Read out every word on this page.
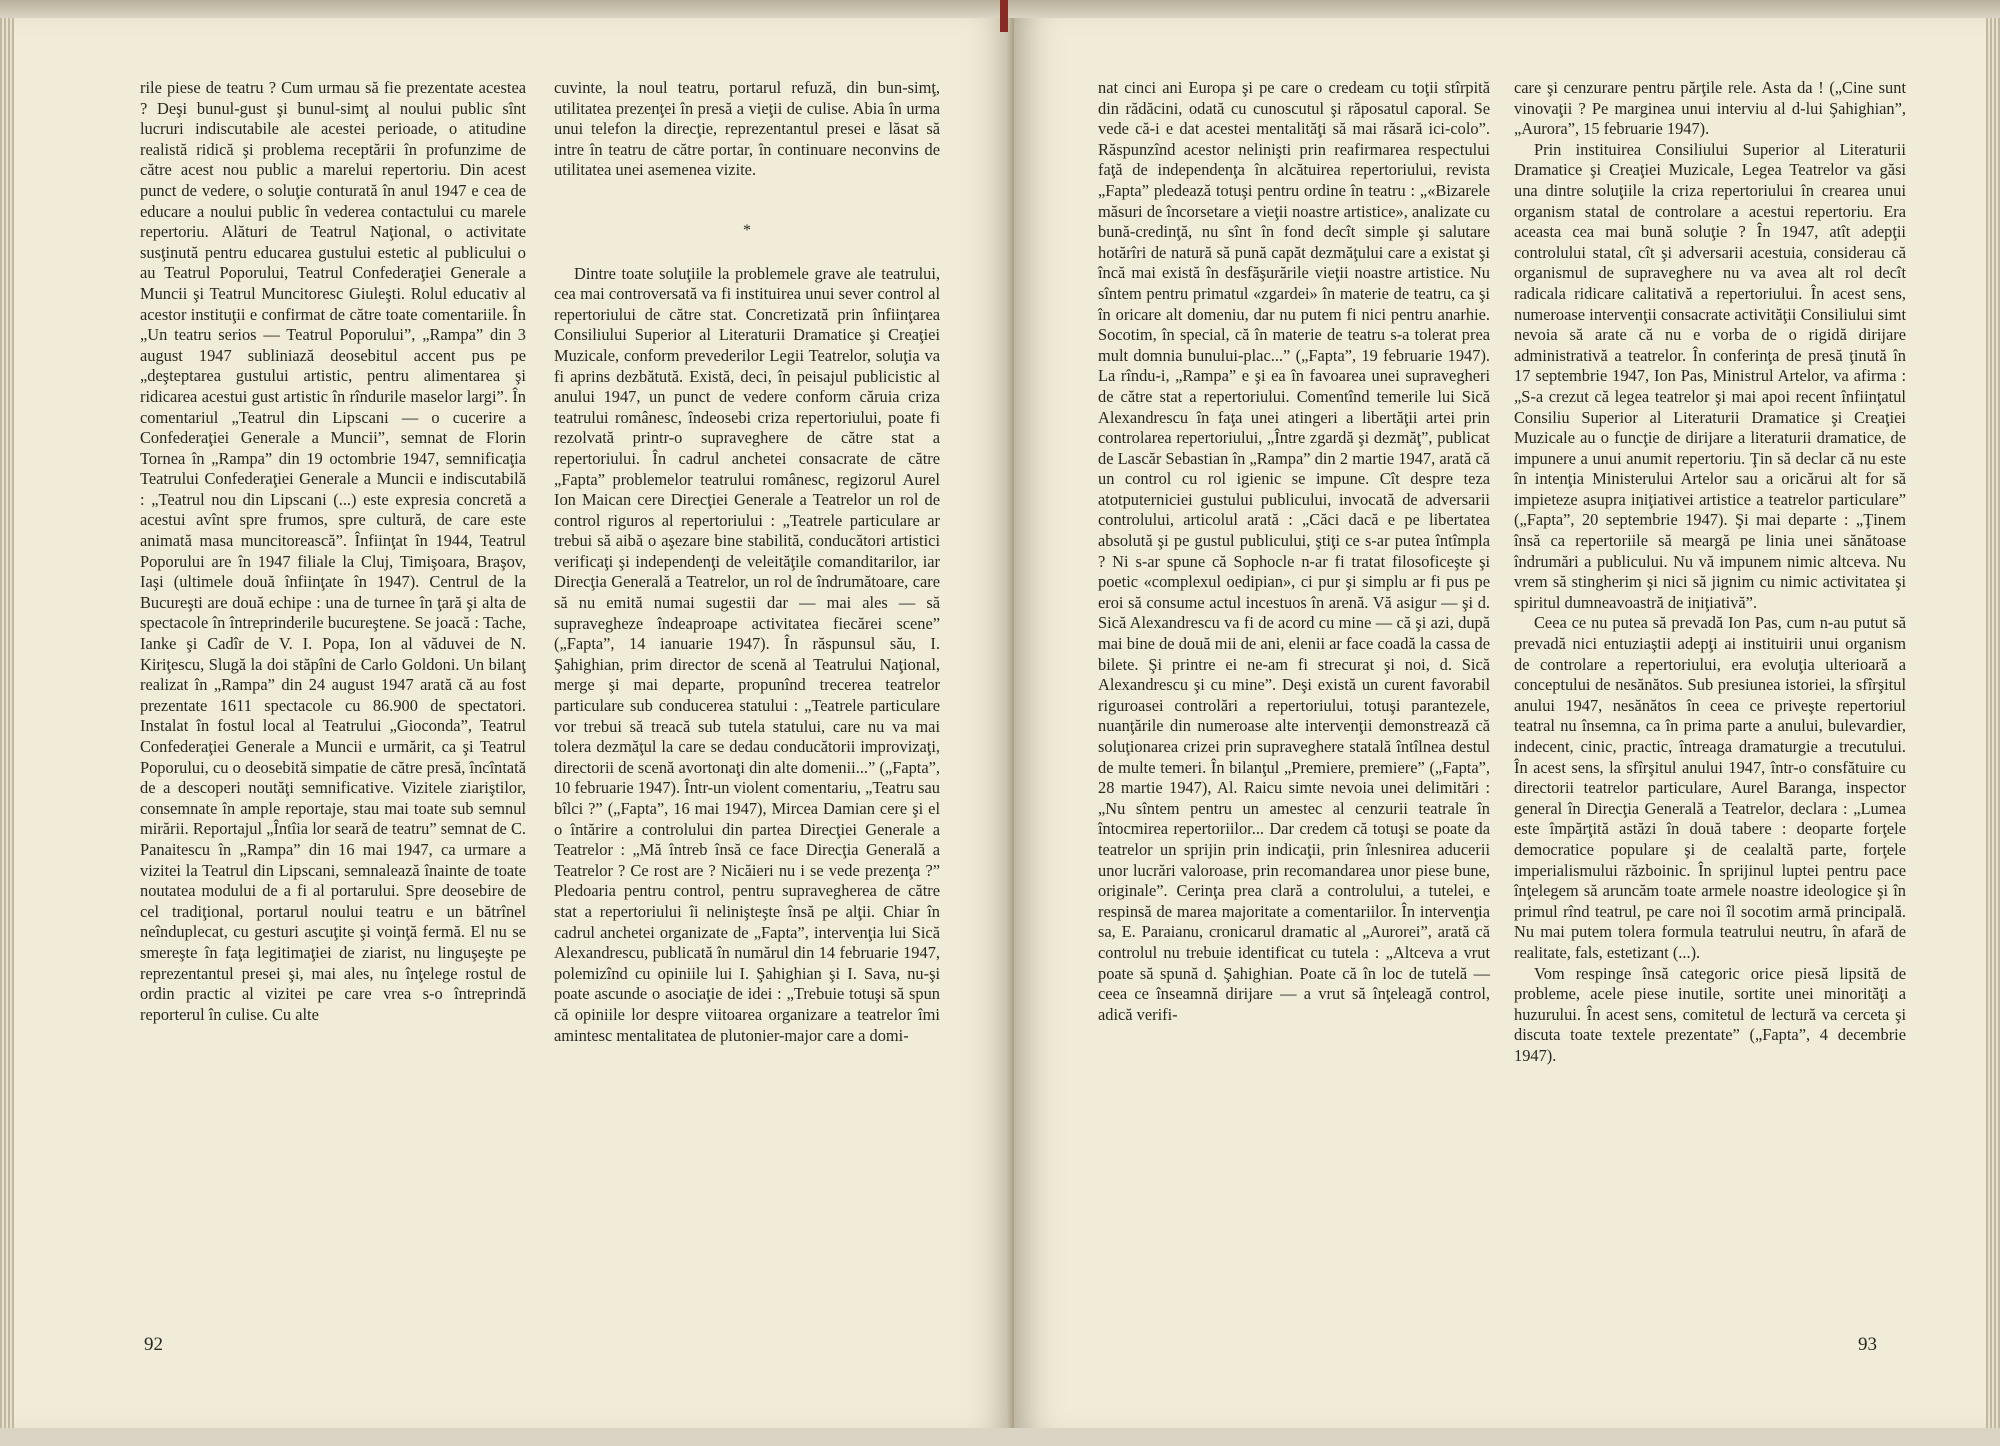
rile piese de teatru ? Cum urmau să fie prezentate acestea ? Deşi bunul-gust şi bunul-simţ al noului public sînt lucruri indiscutabile ale acestei perioade, o atitudine realistă ridică şi problema receptării în profunzime de către acest nou public a marelui repertoriu. Din acest punct de vedere, o soluţie conturată în anul 1947 e cea de educare a noului public în vederea contactului cu marele repertoriu. Alături de Teatrul Naţional, o activitate susţinută pentru educarea gustului estetic al publicului o au Teatrul Poporului, Teatrul Confederaţiei Generale a Muncii şi Teatrul Muncitoresc Giuleşti. Rolul educativ al acestor instituţii e confirmat de către toate comentariile. În „Un teatru serios — Teatrul Poporului”, „Rampa” din 3 august 1947 subliniază deosebitul accent pus pe „deşteptarea gustului artistic, pentru alimentarea şi ridicarea acestui gust artistic în rîndurile maselor largi”. În comentariul „Teatrul din Lipscani — o cucerire a Confederaţiei Generale a Muncii”, semnat de Florin Tornea în „Rampa” din 19 octombrie 1947, semnificaţia Teatrului Confederaţiei Generale a Muncii e indiscutabilă : „Teatrul nou din Lipscani (...) este expresia concretă a acestui avînt spre frumos, spre cultură, de care este animată masa muncitorească”. Înfiinţat în 1944, Teatrul Poporului are în 1947 filiale la Cluj, Timişoara, Braşov, Iaşi (ultimele două înfiinţate în 1947). Centrul de la Bucureşti are două echipe : una de turnee în ţară şi alta de spectacole în întreprinderile bucureştene. Se joacă : Tache, Ianke şi Cadîr de V. I. Popa, Ion al văduvei de N. Kiriţescu, Slugă la doi stăpîni de Carlo Goldoni. Un bilanţ realizat în „Rampa” din 24 august 1947 arată că au fost prezentate 1611 spectacole cu 86.900 de spectatori. Instalat în fostul local al Teatrului „Gioconda”, Teatrul Confederaţiei Generale a Muncii e urmărit, ca şi Teatrul Poporului, cu o deosebită simpatie de către presă, încîntată de a descoperi noutăţi semnificative. Vizitele ziariştilor, consemnate în ample reportaje, stau mai toate sub semnul mirării. Reportajul „Întîia lor seară de teatru” semnat de C. Panaitescu în „Rampa” din 16 mai 1947, ca urmare a vizitei la Teatrul din Lipscani, semnalează înainte de toate noutatea modului de a fi al portarului. Spre deosebire de cel tradiţional, portarul noului teatru e un bătrînel neînduplecat, cu gesturi ascuţite şi voinţă fermă. El nu se smereşte în faţa legitimaţiei de ziarist, nu linguşeşte pe reprezentantul presei şi, mai ales, nu înţelege rostul de ordin practic al vizitei pe care vrea s-o întreprindă reporterul în culise. Cu alte

cuvinte, la noul teatru, portarul refuză, din bun-simţ, utilitatea prezenţei în presă a vieţii de culise. Abia în urma unui telefon la direcţie, reprezentantul presei e lăsat să intre în teatru de către portar, în continuare neconvins de utilitatea unei asemenea vizite.

*

Dintre toate soluţiile la problemele grave ale teatrului, cea mai controversată va fi instituirea unui sever control al repertoriului de către stat. Concretizată prin înfiinţarea Consiliului Superior al Literaturii Dramatice şi Creaţiei Muzicale, conform prevederilor Legii Teatrelor, soluţia va fi aprins dezbătută. Există, deci, în peisajul publicistic al anului 1947, un punct de vedere conform căruia criza teatrului românesc, îndeosebi criza repertoriului, poate fi rezolvată printr-o supraveghere de către stat a repertoriului. În cadrul anchetei consacrate de către „Fapta” problemelor teatrului românesc, regizorul Aurel Ion Maican cere Direcţiei Generale a Teatrelor un rol de control riguros al repertoriului : „Teatrele particulare ar trebui să aibă o aşezare bine stabilită, conducători artistici verificaţi şi independenţi de veleităţile comanditarilor, iar Direcţia Generală a Teatrelor, un rol de îndrumătoare, care să nu emită numai sugestii dar — mai ales — să supravegheze îndeaproape activitatea fiecărei scene” („Fapta”, 14 ianuarie 1947). În răspunsul său, I. Şahighian, prim director de scenă al Teatrului Naţional, merge şi mai departe, propunînd trecerea teatrelor particulare sub conducerea statului : „Teatrele particulare vor trebui să treacă sub tutela statului, care nu va mai tolera dezmăţul la care se dedau conducătorii improvizaţi, directorii de scenă avortonaţi din alte domenii...” („Fapta”, 10 februarie 1947). Într-un violent comentariu, „Teatru sau bîlci ?” („Fapta”, 16 mai 1947), Mircea Damian cere şi el o întărire a controlului din partea Direcţiei Generale a Teatrelor : „Mă întreb însă ce face Direcţia Generală a Teatrelor ? Ce rost are ? Nicăieri nu i se vede prezenţa ?” Pledoaria pentru control, pentru supravegherea de către stat a repertoriului îi nelinişteşte însă pe alţii. Chiar în cadrul anchetei organizate de „Fapta”, intervenţia lui Sică Alexandrescu, publicată în numărul din 14 februarie 1947, polemizînd cu opiniile lui I. Şahighian şi I. Sava, nu-şi poate ascunde o asociaţie de idei : „Trebuie totuşi să spun că opiniile lor despre viitoarea organizare a teatrelor îmi amintesc mentalitatea de plutonier-major care a domi-

92

nat cinci ani Europa şi pe care o credeam cu toţii stîrpită din rădăcini, odată cu cunoscutul şi răposatul caporal. Se vede că-i e dat acestei mentalităţi să mai răsară ici-colo”. Răspunzînd acestor nelinişti prin reafirmarea respectului faţă de independenţa în alcătuirea repertoriului, revista „Fapta” pledează totuşi pentru ordine în teatru : „«Bizarele măsuri de încorsetare a vieţii noastre artistice», analizate cu bună-credinţă, nu sînt în fond decît simple şi salutare hotărîri de natură să pună capăt dezmăţului care a existat şi încă mai există în desfăşurările vieţii noastre artistice. Nu sîntem pentru primatul «zgardei» în materie de teatru, ca şi în oricare alt domeniu, dar nu putem fi nici pentru anarhie. Socotim, în special, că în materie de teatru s-a tolerat prea mult domnia bunului-plac...” („Fapta”, 19 februarie 1947). La rîndu-i, „Rampa” e şi ea în favoarea unei supravegheri de către stat a repertoriului. Comentînd temerile lui Sică Alexandrescu în faţa unei atingeri a libertăţii artei prin controlarea repertoriului, „Între zgardă şi dezmăţ”, publicat de Lascăr Sebastian în „Rampa” din 2 martie 1947, arată că un control cu rol igienic se impune. Cît despre teza atotputerniciei gustului publicului, invocată de adversarii controlului, articolul arată : „Căci dacă e pe libertatea absolută şi pe gustul publicului, ştiţi ce s-ar putea întîmpla ? Ni s-ar spune că Sophocle n-ar fi tratat filosoficeşte şi poetic «complexul oedipian», ci pur şi simplu ar fi pus pe eroi să consume actul incestuos în arenă. Vă asigur — şi d. Sică Alexandrescu va fi de acord cu mine — că şi azi, după mai bine de două mii de ani, elenii ar face coadă la cassa de bilete. Şi printre ei ne-am fi strecurat şi noi, d. Sică Alexandrescu şi cu mine”. Deşi există un curent favorabil riguroasei controlări a repertoriului, totuşi parantezele, nuanţările din numeroase alte intervenţii demonstrează că soluţionarea crizei prin supraveghere statală întîlnea destul de multe temeri. În bilanţul „Premiere, premiere” („Fapta”, 28 martie 1947), Al. Raicu simte nevoia unei delimitări : „Nu sîntem pentru un amestec al cenzurii teatrale în întocmirea repertoriilor... Dar credem că totuşi se poate da teatrelor un sprijin prin indicaţii, prin înlesnirea aducerii unor lucrări valoroase, prin recomandarea unor piese bune, originale”. Cerinţa prea clară a controlului, a tutelei, e respinsă de marea majoritate a comentariilor. În intervenţia sa, E. Paraianu, cronicarul dramatic al „Aurorei”, arată că controlul nu trebuie identificat cu tutela : „Altceva a vrut poate să spună d. Şahighian. Poate că în loc de tutelă — ceea ce înseamnă dirijare — a vrut să înţeleagă control, adică verifi-

care şi cenzurare pentru părţile rele. Asta da ! („Cine sunt vinovaţii ? Pe marginea unui interviu al d-lui Şahighian”, „Aurora”, 15 februarie 1947).

Prin instituirea Consiliului Superior al Literaturii Dramatice şi Creaţiei Muzicale, Legea Teatrelor va găsi una dintre soluţiile la criza repertoriului în crearea unui organism statal de controlare a acestui repertoriu. Era aceasta cea mai bună soluţie ? În 1947, atît adepţii controlului statal, cît şi adversarii acestuia, considerau că organismul de supraveghere nu va avea alt rol decît radicala ridicare calitativă a repertoriului. În acest sens, numeroase intervenţii consacrate activităţii Consiliului simt nevoia să arate că nu e vorba de o rigidă dirijare administrativă a teatrelor. În conferinţa de presă ţinută în 17 septembrie 1947, Ion Pas, Ministrul Artelor, va afirma : „S-a crezut că legea teatrelor şi mai apoi recent înfiinţatul Consiliu Superior al Literaturii Dramatice şi Creaţiei Muzicale au o funcţie de dirijare a literaturii dramatice, de impunere a unui anumit repertoriu. Ţin să declar că nu este în intenţia Ministerului Artelor sau a oricărui alt for să impieteze asupra iniţiativei artistice a teatrelor particulare” („Fapta”, 20 septembrie 1947). Şi mai departe : „Ţinem însă ca repertoriile să meargă pe linia unei sănătoase îndrumări a publicului. Nu vă impunem nimic altceva. Nu vrem să stingherim şi nici să jignim cu nimic activitatea şi spiritul dumneavoastră de iniţiativă”.

Ceea ce nu putea să prevadă Ion Pas, cum n-au putut să prevadă nici entuziaştii adepţi ai instituirii unui organism de controlare a repertoriului, era evoluţia ulterioară a conceptului de nesănătos. Sub presiunea istoriei, la sfîrşitul anului 1947, nesănătos în ceea ce priveşte repertoriul teatral nu însemna, ca în prima parte a anului, bulevardier, indecent, cinic, practic, întreaga dramaturgie a trecutului. În acest sens, la sfîrşitul anului 1947, într-o consfătuire cu directorii teatrelor particulare, Aurel Baranga, inspector general în Direcţia Generală a Teatrelor, declara : „Lumea este împărţită astăzi în două tabere : deoparte forţele democratice populare şi de cealaltă parte, forţele imperialismului războinic. În sprijinul luptei pentru pace înţelegem să aruncăm toate armele noastre ideologice şi în primul rînd teatrul, pe care noi îl socotim armă principală. Nu mai putem tolera formula teatrului neutru, în afară de realitate, fals, estetizant (...).

Vom respinge însă categoric orice piesă lipsită de probleme, acele piese inutile, sortite unei minorităţi a huzurului. În acest sens, comitetul de lectură va cerceta şi discuta toate textele prezentate” („Fapta”, 4 decembrie 1947).

93
